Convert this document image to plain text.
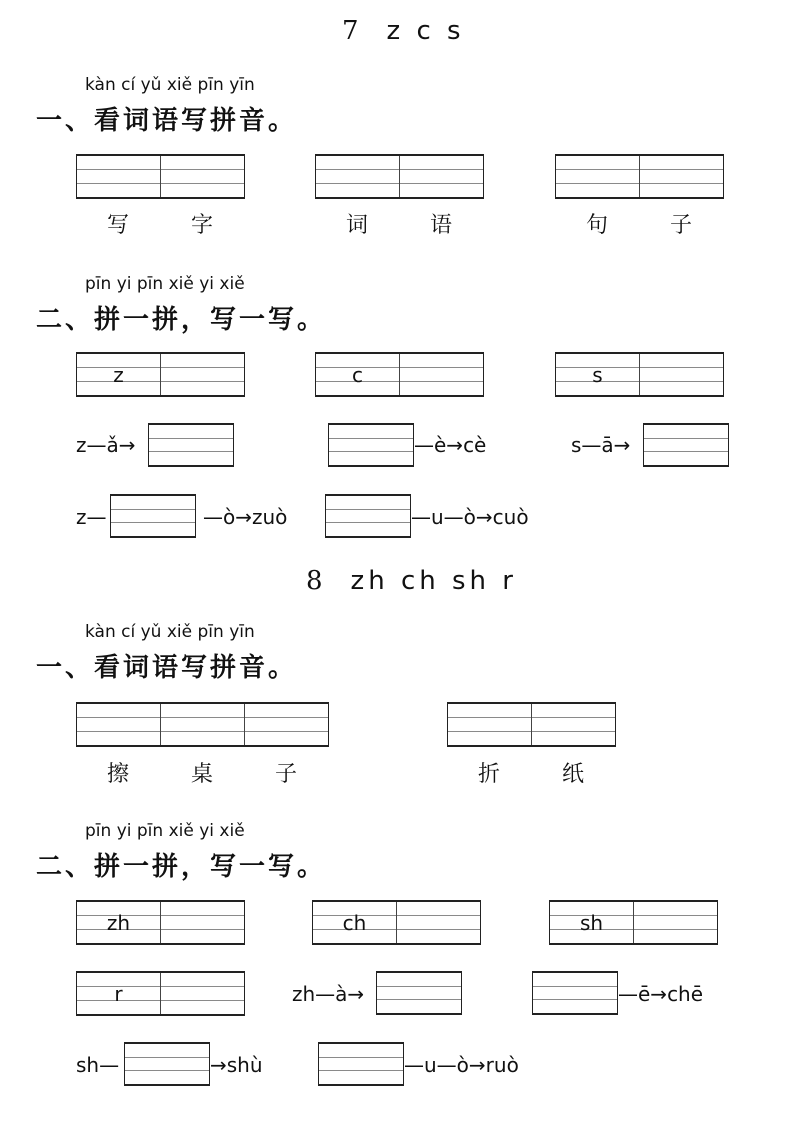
7 z c s
kàn cí yǔ xiě pīn yīn
一、看词语写拼音。
写	字	词	语	句	子
pīn yi pīn xiě yi xiě
二、拼一拼，写一写。
z	c	s
z—ǎ→	—è→cè	s—ā→
z—	—ò→zuò	—u—ò→cuò
8 zh ch sh r
kàn cí yǔ xiě pīn yīn
一、看词语写拼音。
擦	桌	子	折	纸
pīn yi pīn xiě yi xiě
二、拼一拼，写一写。
zh	ch	sh
r	zh—à→	—ē→chē
sh—	→shù	—u—ò→ruò
